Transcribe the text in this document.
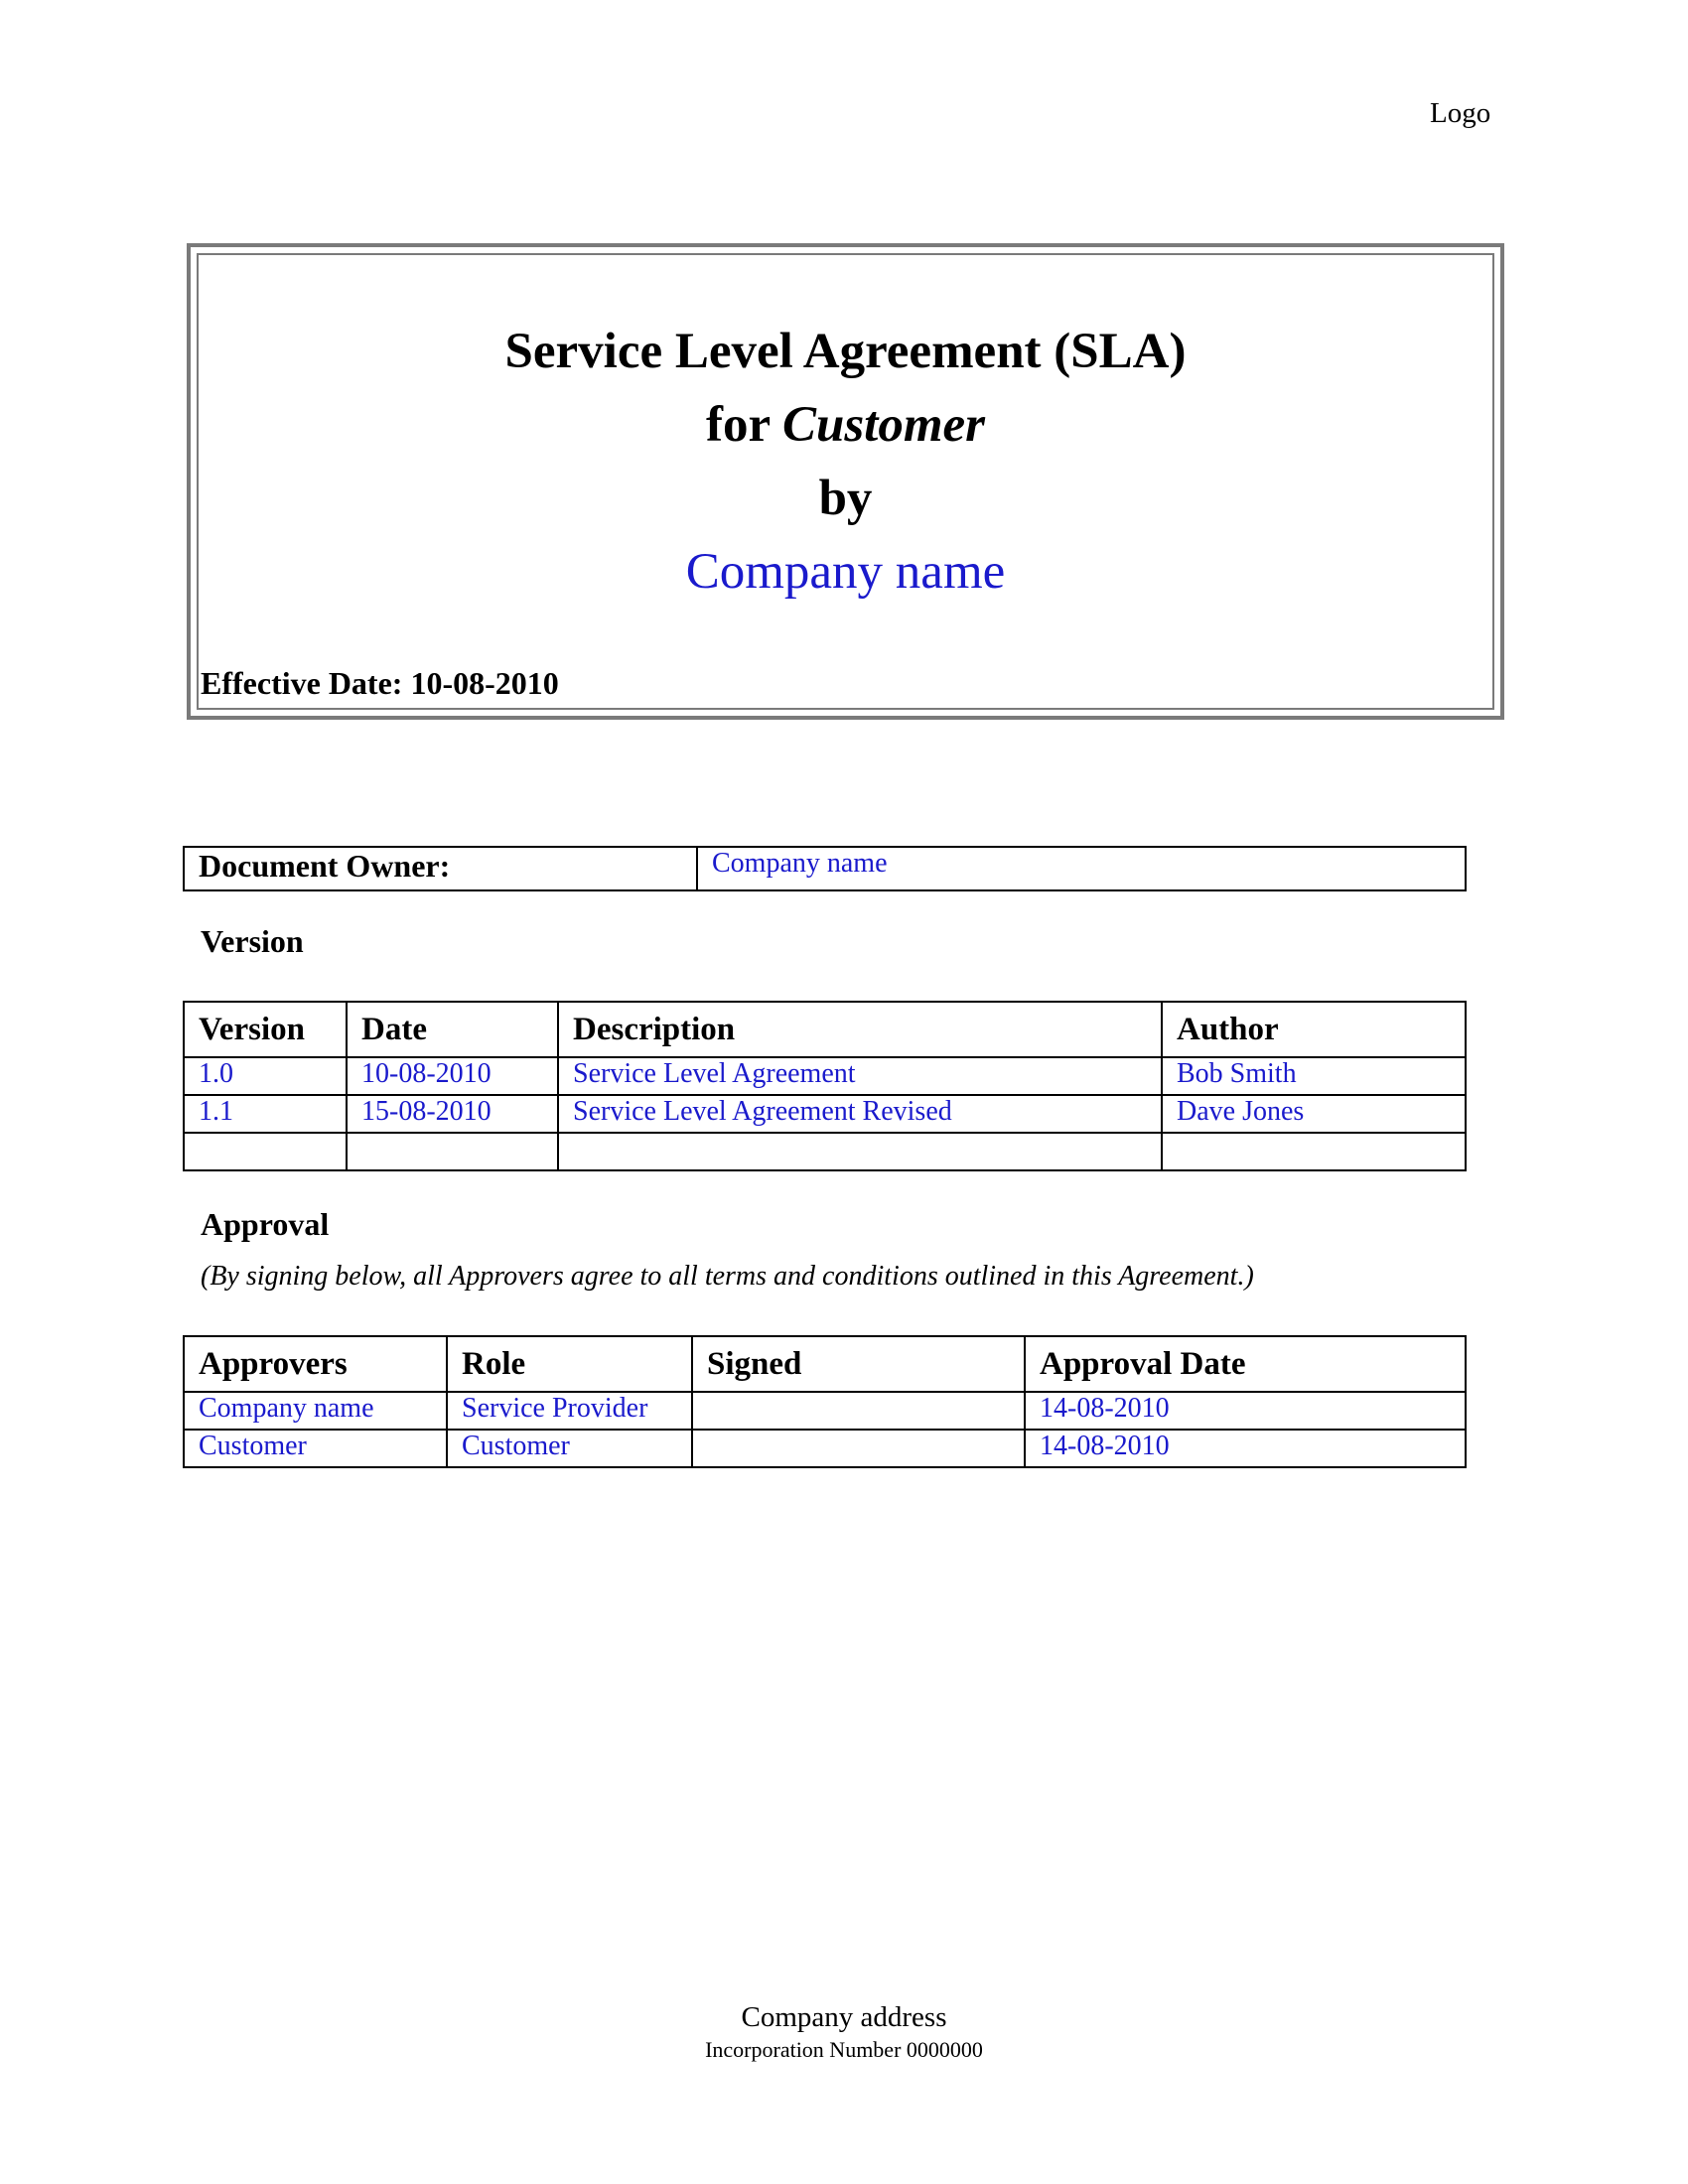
Logo
Service Level Agreement (SLA)
for Customer
by
Company name
Effective Date: 10-08-2010
Document Owner:	Company name
Version
Version	Date	Description	Author
1.0	10-08-2010	Service Level Agreement	Bob Smith
1.1	15-08-2010	Service Level Agreement Revised	Dave Jones

Approval
(By signing below, all Approvers agree to all terms and conditions outlined in this Agreement.)
Approvers	Role	Signed	Approval Date
Company name	Service Provider		14-08-2010
Customer	Customer		14-08-2010
Company address
Incorporation Number 0000000
